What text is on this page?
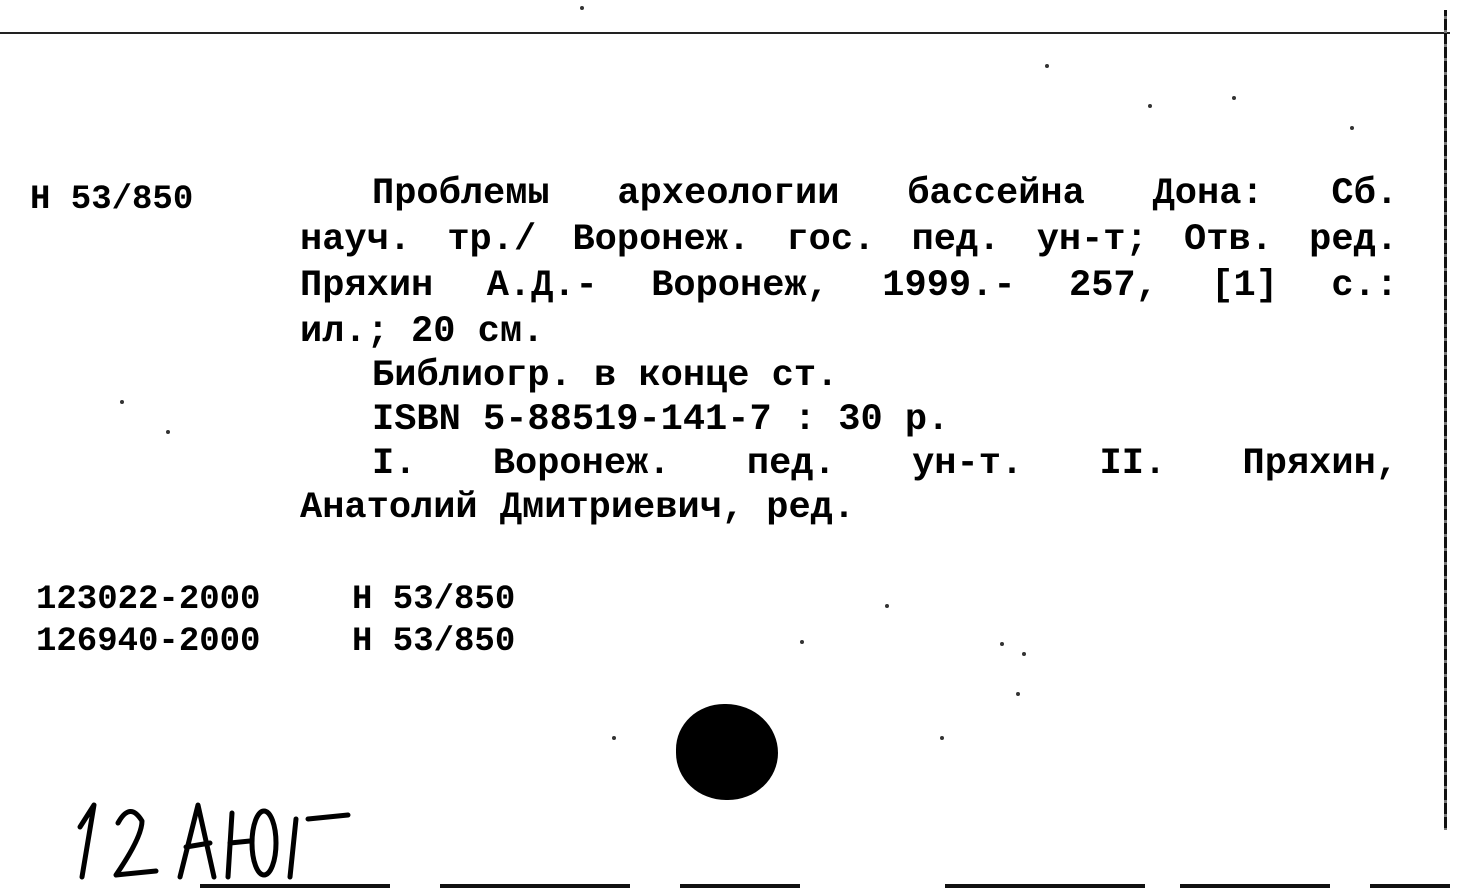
Н 53/850	Проблемы археологии бассейна Дона: Сб.
науч. тр./ Воронеж. гос. пед. ун-т; Отв. ред.
Пряхин А.Д.- Воронеж, 1999.- 257, [1] с.:
ил.; 20 см.
Библиогр. в конце ст.
ISBN 5-88519-141-7 : 30 р.
I. Воронеж. пед. ун-т. II. Пряхин,
Анатолий Дмитриевич, ред.
123022-2000	Н 53/850
126940-2000	Н 53/850
